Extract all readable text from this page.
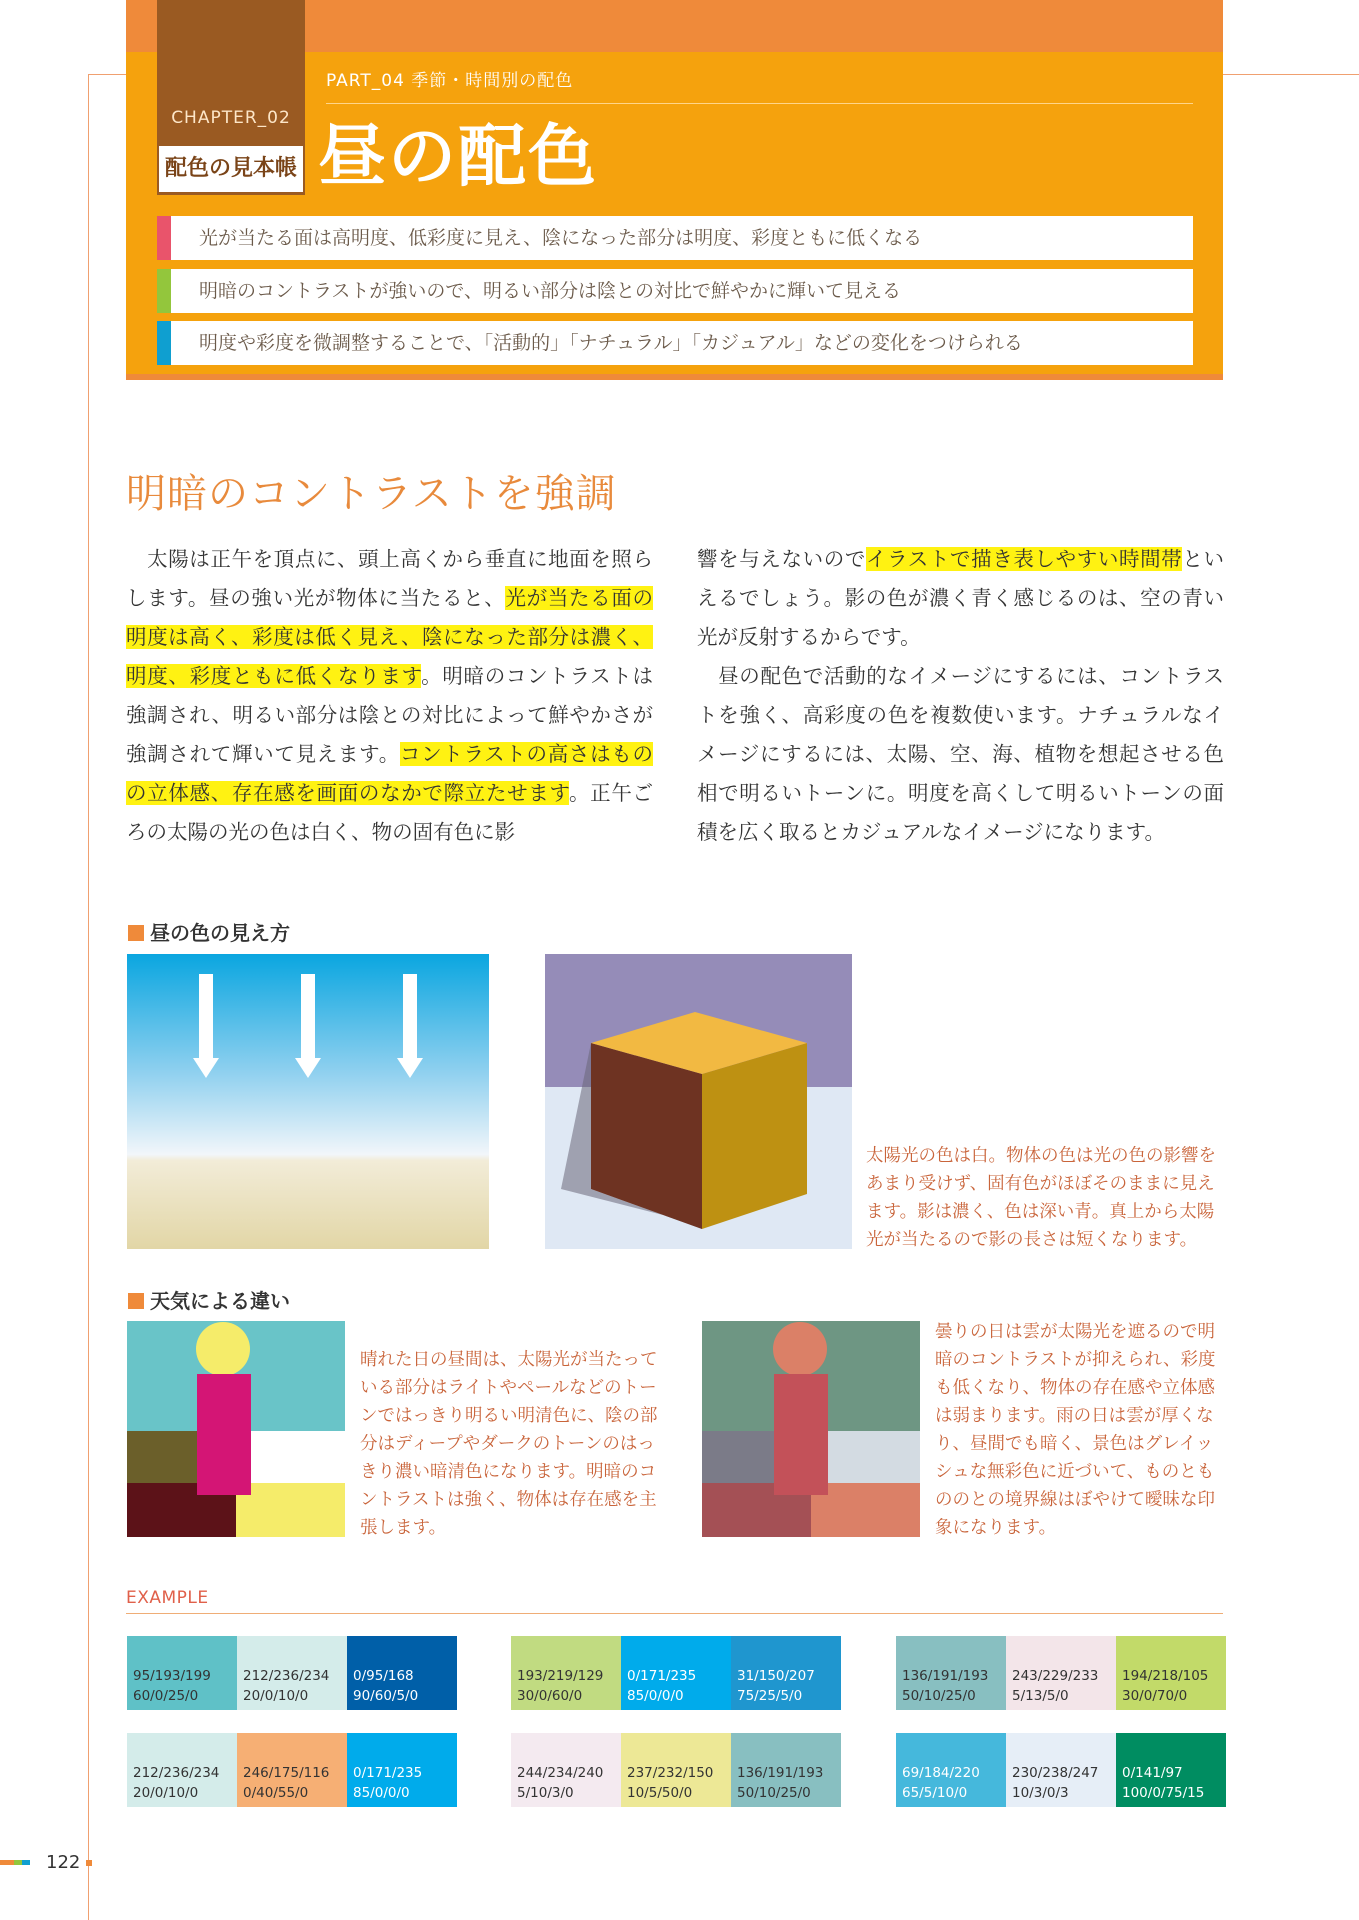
CHAPTER_02
配色の見本帳
PART_04 季節・時間別の配色
昼の配色
光が当たる面は高明度、低彩度に見え、陰になった部分は明度、彩度ともに低くなる
明暗のコントラストが強いので、明るい部分は陰との対比で鮮やかに輝いて見える
明度や彩度を微調整することで、「活動的」「ナチュラル」「カジュアル」などの変化をつけられる
明暗のコントラストを強調
　太陽は正午を頂点に、頭上高くから垂直に地面を照らします。昼の強い光が物体に当たると、光が当たる面の明度は高く、彩度は低く見え、陰になった部分は濃く、明度、彩度ともに低くなります。明暗のコントラストは強調され、明るい部分は陰との対比によって鮮やかさが強調されて輝いて見えます。コントラストの高さはものの立体感、存在感を画面のなかで際立たせます。正午ごろの太陽の光の色は白く、物の固有色に影
響を与えないのでイラストで描き表しやすい時間帯といえるでしょう。影の色が濃く青く感じるのは、空の青い光が反射するからです。
　昼の配色で活動的なイメージにするには、コントラストを強く、高彩度の色を複数使います。ナチュラルなイメージにするには、太陽、空、海、植物を想起させる色相で明るいトーンに。明度を高くして明るいトーンの面積を広く取るとカジュアルなイメージになります。
昼の色の見え方
太陽光の色は白。物体の色は光の色の影響をあまり受けず、固有色がほぼそのままに見えます。影は濃く、色は深い青。真上から太陽光が当たるので影の長さは短くなります。
天気による違い
晴れた日の昼間は、太陽光が当たっている部分はライトやペールなどのトーンではっきり明るい明清色に、陰の部分はディープやダークのトーンのはっきり濃い暗清色になります。明暗のコントラストは強く、物体は存在感を主張します。
曇りの日は雲が太陽光を遮るので明暗のコントラストが抑えられ、彩度も低くなり、物体の存在感や立体感は弱まります。雨の日は雲が厚くなり、昼間でも暗く、景色はグレイッシュな無彩色に近づいて、ものともののとの境界線はぼやけて曖昧な印象になります。
EXAMPLE
95/193/199
60/0/25/0
212/236/234
20/0/10/0
0/95/168
90/60/5/0
212/236/234
20/0/10/0
246/175/116
0/40/55/0
0/171/235
85/0/0/0
193/219/129
30/0/60/0
0/171/235
85/0/0/0
31/150/207
75/25/5/0
244/234/240
5/10/3/0
237/232/150
10/5/50/0
136/191/193
50/10/25/0
136/191/193
50/10/25/0
243/229/233
5/13/5/0
194/218/105
30/0/70/0
69/184/220
65/5/10/0
230/238/247
10/3/0/3
0/141/97
100/0/75/15
122
